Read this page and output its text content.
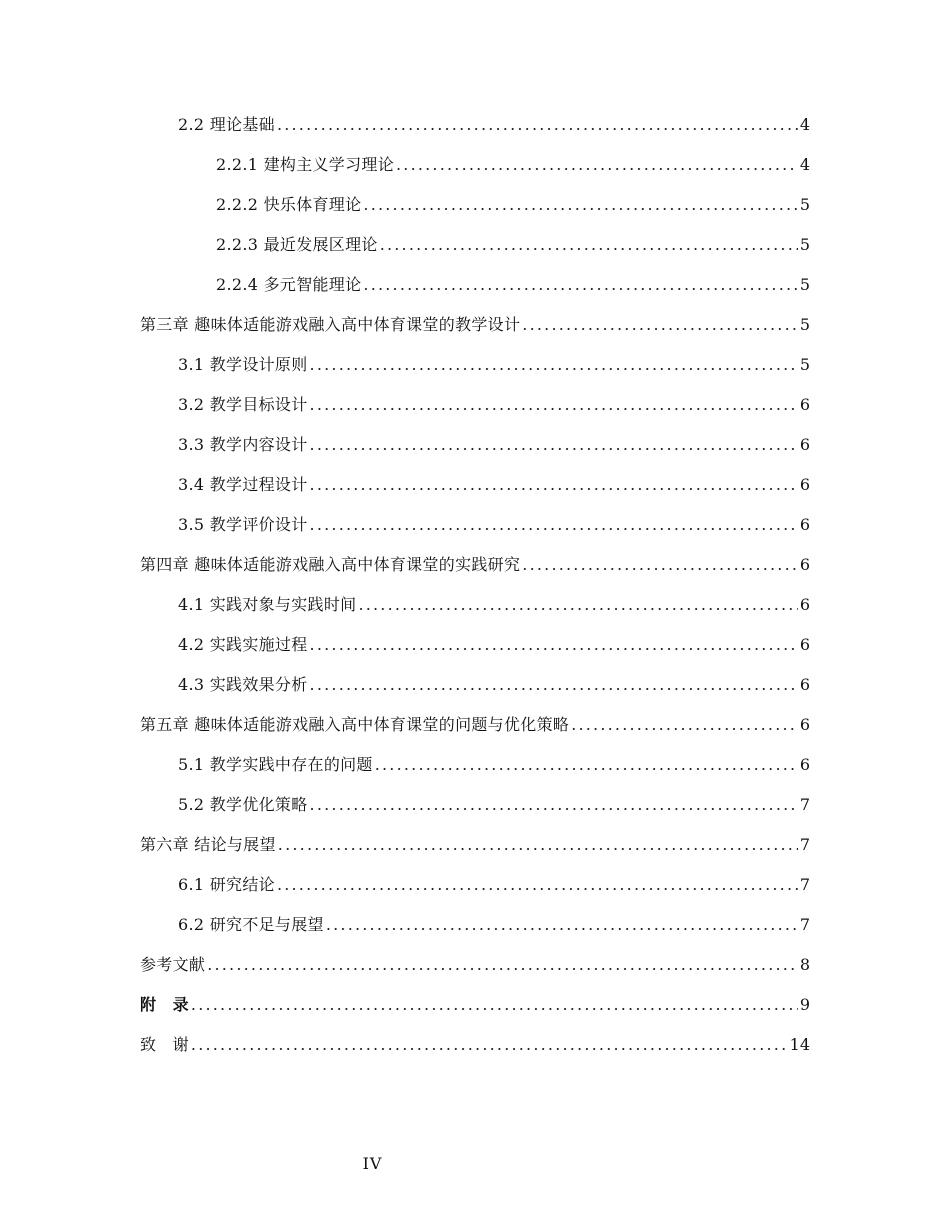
2.2 理论基础 .....	4
2.2.1 建构主义学习理论 .....	4
2.2.2 快乐体育理论 .....	5
2.2.3 最近发展区理论 .....	5
2.2.4 多元智能理论 .....	5
第三章 趣味体适能游戏融入高中体育课堂的教学设计 .....	5
3.1 教学设计原则 .....	5
3.2 教学目标设计 .....	6
3.3 教学内容设计 .....	6
3.4 教学过程设计 .....	6
3.5 教学评价设计 .....	6
第四章 趣味体适能游戏融入高中体育课堂的实践研究 .....	6
4.1 实践对象与实践时间 .....	6
4.2 实践实施过程 .....	6
4.3 实践效果分析 .....	6
第五章 趣味体适能游戏融入高中体育课堂的问题与优化策略 .....	6
5.1 教学实践中存在的问题 .....	6
5.2 教学优化策略 .....	7
第六章 结论与展望 .....	7
6.1 研究结论 .....	7
6.2 研究不足与展望 .....	7
参考文献 .....	8
附　录 .....	9
致　谢 .....	14
IV
